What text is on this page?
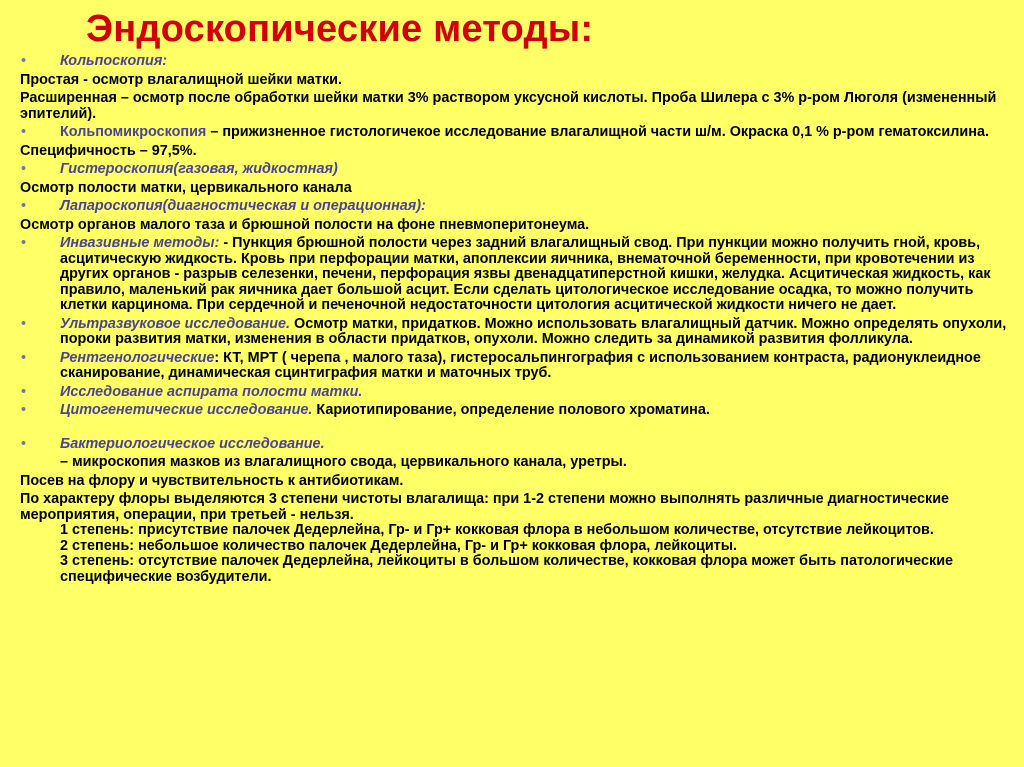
Эндоскопические методы:
• Кольпоскопия:
Простая - осмотр влагалищной шейки матки.
Расширенная – осмотр после обработки шейки матки 3% раствором уксусной кислоты. Проба Шилера с 3% р-ром Люголя (измененный эпителий).
• Кольпомикроскопия – прижизненное гистологичекое исследование влагалищной части ш/м. Окраска 0,1 % р-ром гематоксилина.
Специфичность – 97,5%.
• Гистероскопия(газовая, жидкостная)
Осмотр полости матки, цервикального канала
• Лапароскопия(диагностическая и операционная):
Осмотр органов малого таза и брюшной полости на фоне пневмоперитонеума.
• Инвазивные методы: - Пункция брюшной полости через задний влагалищный свод. При пункции можно получить гной, кровь, асцитическую жидкость. Кровь при перфорации матки, апоплексии яичника, внематочной беременности, при кровотечении из других органов - разрыв селезенки, печени, перфорация язвы двенадцатиперстной кишки, желудка. Асцитическая жидкость, как правило, маленький рак яичника дает большой асцит. Если сделать цитологическое исследование осадка, то можно получить клетки карцинома. При сердечной и печеночной недостаточности цитология асцитической жидкости ничего не дает.
• Ультразвуковое исследование. Осмотр матки, придатков. Можно использовать влагалищный датчик. Можно определять опухоли, пороки развития матки, изменения в области придатков, опухоли. Можно следить за динамикой развития фолликула.
• Рентгенологические: КТ, МРТ ( черепа , малого таза), гистеросальпингография с использованием контраста, радионуклеидное сканирование, динамическая сцинтиграфия матки и маточных труб.
• Исследование аспирата полости матки.
• Цитогенетические исследование. Кариотипирование, определение полового хроматина.
• Бактериологическое исследование.
– микроскопия мазков из влагалищного свода, цервикального канала, уретры.
Посев на флору и чувствительность к антибиотикам.
По характеру флоры выделяются 3 степени чистоты влагалища: при 1-2 степени можно выполнять различные диагностические мероприятия, операции, при третьей - нельзя.
1 степень: присутствие палочек Дедерлейна, Гр- и Гр+ кокковая флора в небольшом количестве, отсутствие лейкоцитов.
2 степень: небольшое количество палочек Дедерлейна, Гр- и Гр+ кокковая флора, лейкоциты.
3 степень: отсутствие палочек Дедерлейна, лейкоциты в большом количестве, кокковая флора может быть патологические специфические возбудители.
